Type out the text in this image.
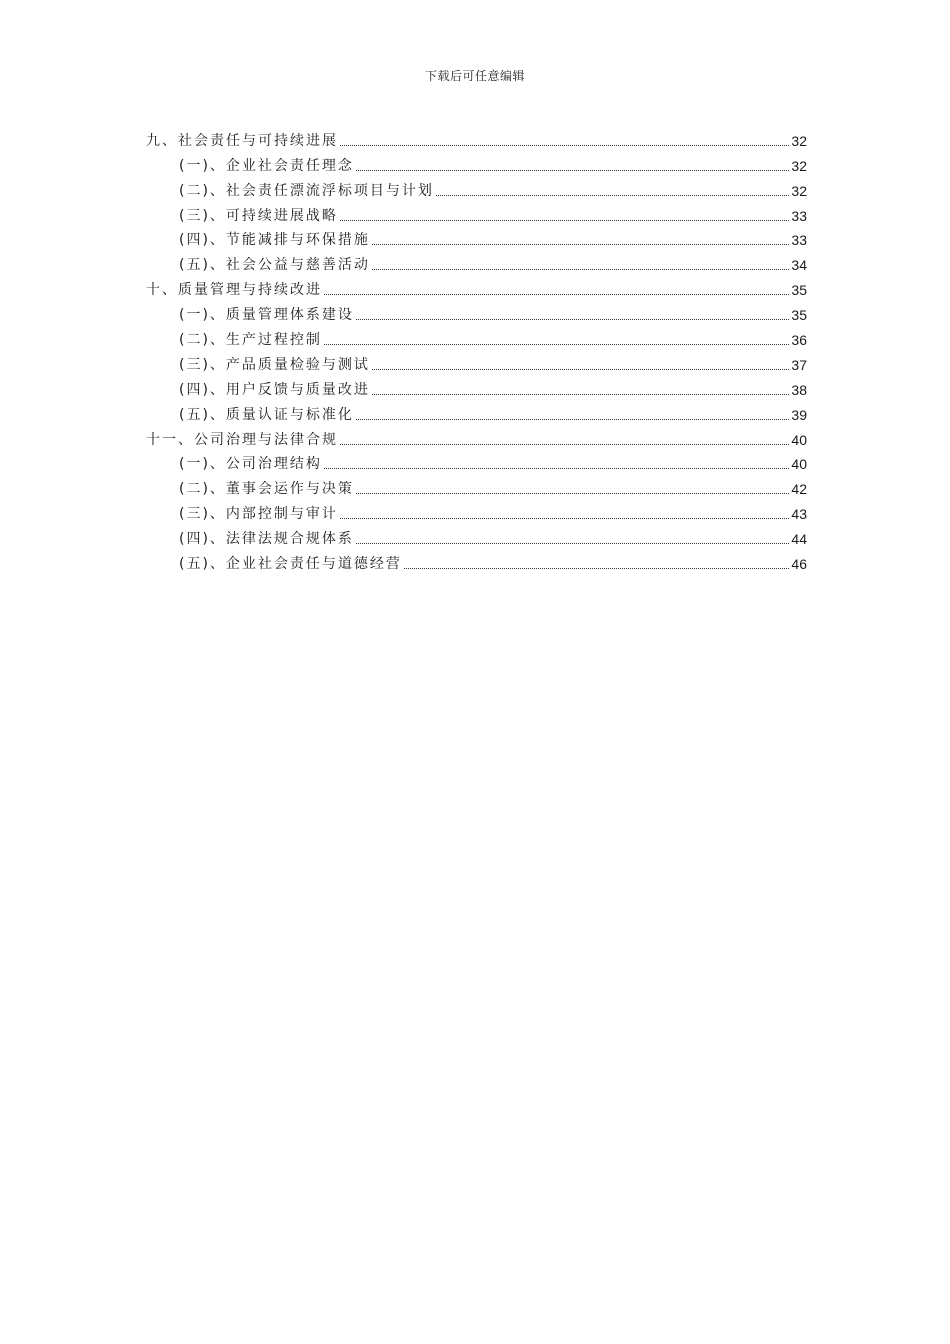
下载后可任意编辑
九、社会责任与可持续进展	32
(一)、企业社会责任理念	32
(二)、社会责任漂流浮标项目与计划	32
(三)、可持续进展战略	33
(四)、节能减排与环保措施	33
(五)、社会公益与慈善活动	34
十、质量管理与持续改进	35
(一)、质量管理体系建设	35
(二)、生产过程控制	36
(三)、产品质量检验与测试	37
(四)、用户反馈与质量改进	38
(五)、质量认证与标准化	39
十一、公司治理与法律合规	40
(一)、公司治理结构	40
(二)、董事会运作与决策	42
(三)、内部控制与审计	43
(四)、法律法规合规体系	44
(五)、企业社会责任与道德经营	46
